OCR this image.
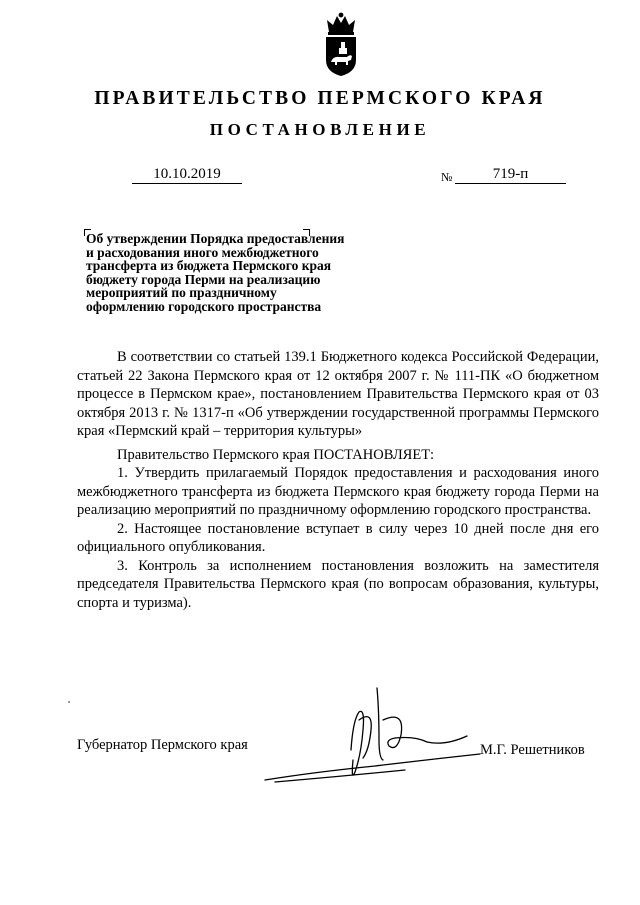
ПРАВИТЕЛЬСТВО ПЕРМСКОГО КРАЯ
ПОСТАНОВЛЕНИЕ
10.10.2019	№	719-п
Об утверждении Порядка предоставления
и расходования иного межбюджетного
трансферта из бюджета Пермского края
бюджету города Перми на реализацию
мероприятий по праздничному
оформлению городского пространства

В соответствии со статьей 139.1 Бюджетного кодекса Российской Федерации, статьей 22 Закона Пермского края от 12 октября 2007 г. № 111-ПК «О бюджетном процессе в Пермском крае», постановлением Правительства Пермского края от 03 октября 2013 г. № 1317-п «Об утверждении государственной программы Пермского края «Пермский край – территория культуры»

Правительство Пермского края ПОСТАНОВЛЯЕТ:

1. Утвердить прилагаемый Порядок предоставления и расходования иного межбюджетного трансферта из бюджета Пермского края бюджету города Перми на реализацию мероприятий по праздничному оформлению городского пространства.

2. Настоящее постановление вступает в силу через 10 дней после дня его официального опубликования.

3. Контроль за исполнением постановления возложить на заместителя председателя Правительства Пермского края (по вопросам образования, культуры, спорта и туризма).

Губернатор Пермского края	М.Г. Решетников
